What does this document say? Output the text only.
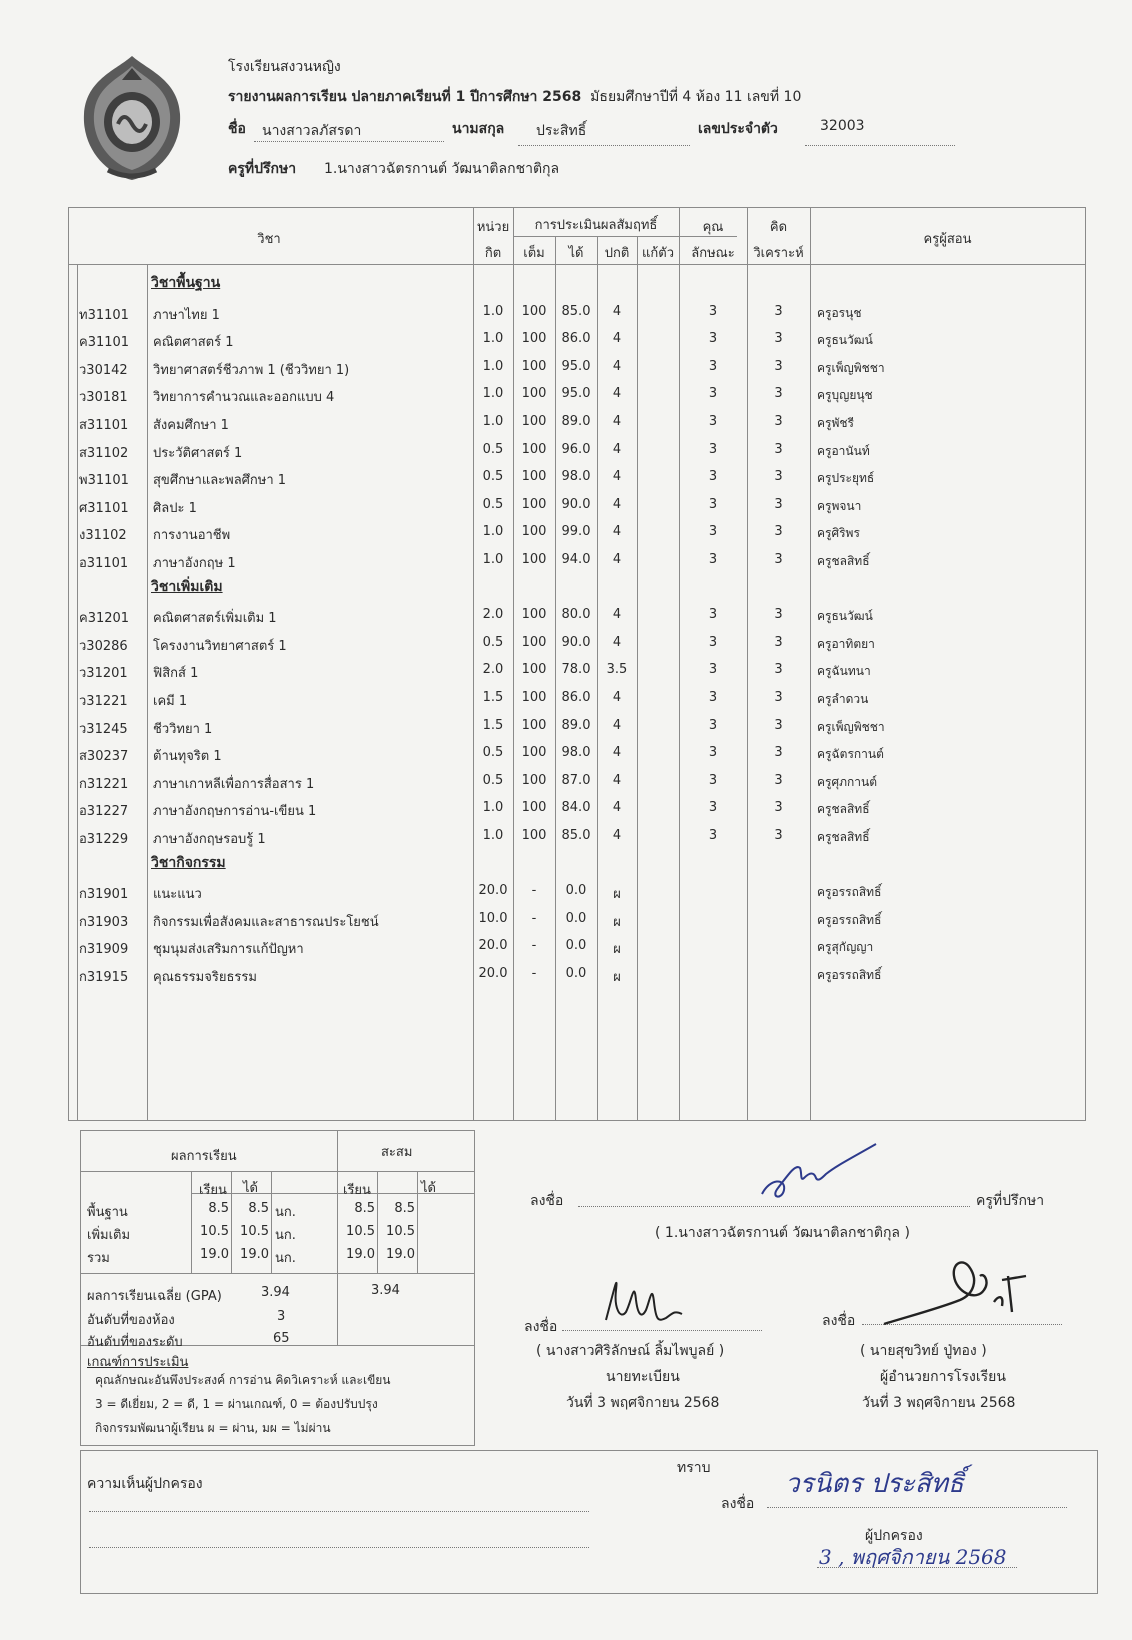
โรงเรียนสงวนหญิง
รายงานผลการเรียน ปลายภาคเรียนที่ 1 ปีการศึกษา 2568 มัธยมศึกษาปีที่ 4 ห้อง 11 เลขที่ 10
ชื่อ นางสาวลภัสรดา	นามสกุล ประสิทธิ์	เลขประจำตัว	32003
ครูที่ปรึกษา 1.นางสาวฉัตรกานต์ วัฒนาติลกชาติกุล
วิชา
หน่วย
กิต
การประเมินผลสัมฤทธิ์
เต็ม	ได้	ปกติ แก้ตัว
คุณ
ลักษณะ
คิด
วิเคราะห์
ครูผู้สอน
วิชาพื้นฐาน
ท31101	ภาษาไทย 1	1.0	100	85.0	4	3	3	ครูอรนุช
ค31101	คณิตศาสตร์ 1	1.0	100	86.0	4	3	3	ครูธนวัฒน์
ว30142	วิทยาศาสตร์ชีวภาพ 1 (ชีววิทยา 1)	1.0	100	95.0	4	3	3	ครูเพ็ญพิชชา
ว30181	วิทยาการคำนวณและออกแบบ 4	1.0	100	95.0	4	3	3	ครูบุญยนุช
ส31101	สังคมศึกษา 1	1.0	100	89.0	4	3	3	ครูพัชรี
ส31102	ประวัติศาสตร์ 1	0.5	100	96.0	4	3	3	ครูอานันท์
พ31101	สุขศึกษาและพลศึกษา 1	0.5	100	98.0	4	3	3	ครูประยุทธ์
ศ31101	ศิลปะ 1	0.5	100	90.0	4	3	3	ครูพจนา
ง31102	การงานอาชีพ	1.0	100	99.0	4	3	3	ครูศิริพร
อ31101	ภาษาอังกฤษ 1	1.0	100	94.0	4	3	3	ครูชลสิทธิ์
วิชาเพิ่มเติม
ค31201	คณิตศาสตร์เพิ่มเติม 1	2.0	100	80.0	4	3	3	ครูธนวัฒน์
ว30286	โครงงานวิทยาศาสตร์ 1	0.5	100	90.0	4	3	3	ครูอาทิตยา
ว31201	ฟิสิกส์ 1	2.0	100	78.0	3.5	3	3	ครูฉันทนา
ว31221	เคมี 1	1.5	100	86.0	4	3	3	ครูลำดวน
ว31245	ชีววิทยา 1	1.5	100	89.0	4	3	3	ครูเพ็ญพิชชา
ส30237	ต้านทุจริต 1	0.5	100	98.0	4	3	3	ครูฉัตรกานต์
ก31221	ภาษาเกาหลีเพื่อการสื่อสาร 1	0.5	100	87.0	4	3	3	ครูศุภกานต์
อ31227	ภาษาอังกฤษการอ่าน-เขียน 1	1.0	100	84.0	4	3	3	ครูชลสิทธิ์
อ31229	ภาษาอังกฤษรอบรู้ 1	1.0	100	85.0	4	3	3	ครูชลสิทธิ์
วิชากิจกรรม
ก31901	แนะแนว	20.0	-	0.0	ผ	ครูอรรถสิทธิ์
ก31903	กิจกรรมเพื่อสังคมและสาธารณประโยชน์	10.0	-	0.0	ผ	ครูอรรถสิทธิ์
ก31909	ชุมนุมส่งเสริมการแก้ปัญหา	20.0	-	0.0	ผ	ครูสุกัญญา
ก31915	คุณธรรมจริยธรรม	20.0	-	0.0	ผ	ครูอรรถสิทธิ์
ผลการเรียน	สะสม
เรียน ได้	เรียน	ได้
พื้นฐาน	8.5	8.5 นก.	8.5	8.5
เพิ่มเติม	10.5 10.5 นก.	10.5 10.5
รวม	19.0 19.0 นก.	19.0 19.0
ผลการเรียนเฉลี่ย (GPA)	3.94	3.94
อันดับที่ของห้อง	3
อันดับที่ของระดับ	65
เกณฑ์การประเมิน
คุณลักษณะอันพึงประสงค์ การอ่าน คิดวิเคราะห์ และเขียน
3 = ดีเยี่ยม, 2 = ดี, 1 = ผ่านเกณฑ์, 0 = ต้องปรับปรุง
กิจกรรมพัฒนาผู้เรียน ผ = ผ่าน, มผ = ไม่ผ่าน
ลงชื่อ	ครูที่ปรึกษา
( 1.นางสาวฉัตรกานต์ วัฒนาติลกชาติกุล )
ลงชื่อ
( นางสาวศิริลักษณ์ ลิ้มไพบูลย์ )
นายทะเบียน
วันที่ 3 พฤศจิกายน 2568
ลงชื่อ
( นายสุขวิทย์ ปู่ทอง )
ผู้อำนวยการโรงเรียน
วันที่ 3 พฤศจิกายน 2568
ความเห็นผู้ปกครอง
ทราบ
ลงชื่อ
วรนิตร ประสิทธิ์
ผู้ปกครอง
3 , พฤศจิกายน 2568
